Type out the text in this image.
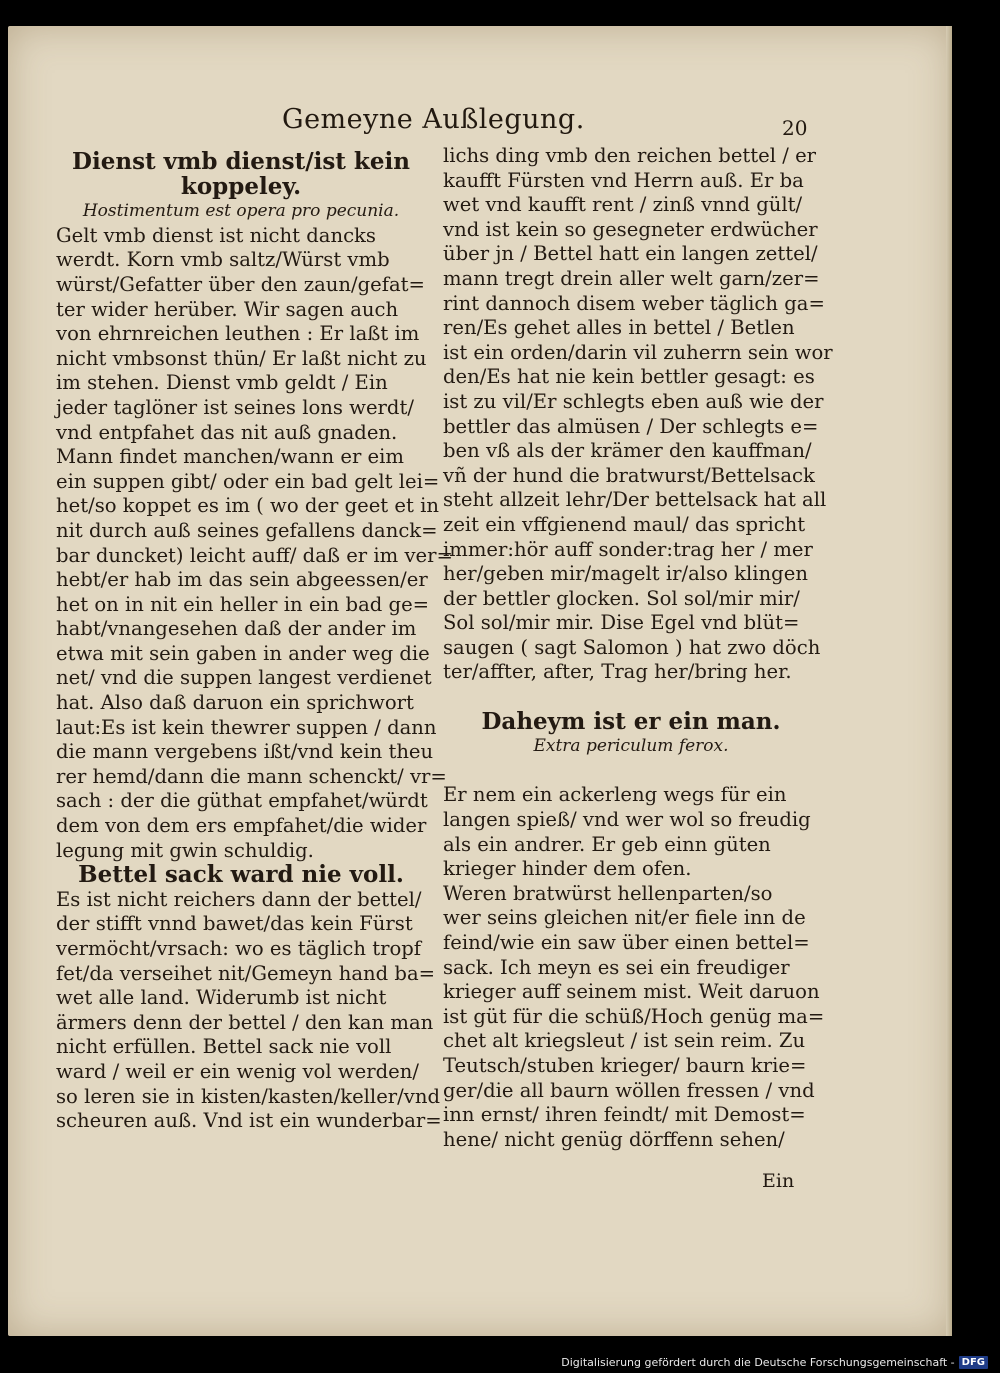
Gemeyne Außlegung.	20
Dienst vmb dienst/ist kein
koppeley.
Hostimentum est opera pro pecunia.
Gelt vmb dienst ist nicht dancks
werdt. Korn vmb saltz/Würst vmb
würst/Gefatter über den zaun/gefat=
ter wider herüber. Wir sagen auch
von ehrnreichen leuthen : Er laßt im
nicht vmbsonst thün/ Er laßt nicht zu
im stehen. Dienst vmb geldt / Ein
jeder taglöner ist seines lons werdt/
vnd entpfahet das nit auß gnaden.
Mann findet manchen/wann er eim
ein suppen gibt/ oder ein bad gelt lei=
het/so koppet es im ( wo der geet et in
nit durch auß seines gefallens danck=
bar duncket) leicht auff/ daß er im ver=
hebt/er hab im das sein abgeessen/er
het on in nit ein heller in ein bad ge=
habt/vnangesehen daß der ander im
etwa mit sein gaben in ander weg die
net/ vnd die suppen langest verdienet
hat. Also daß daruon ein sprichwort
laut:Es ist kein thewrer suppen / dann
die mann vergebens ißt/vnd kein theu
rer hemd/dann die mann schenckt/ vr=
sach : der die güthat empfahet/würdt
dem von dem ers empfahet/die wider
legung mit gwin schuldig.
Bettel sack ward nie voll.
Es ist nicht reichers dann der bettel/
der stifft vnnd bawet/das kein Fürst
vermöcht/vrsach: wo es täglich tropf
fet/da verseihet nit/Gemeyn hand ba=
wet alle land. Widerumb ist nicht
ärmers denn der bettel / den kan man
nicht erfüllen. Bettel sack nie voll
ward / weil er ein wenig vol werden/
so leren sie in kisten/kasten/keller/vnd
scheuren auß. Vnd ist ein wunderbar=
lichs ding vmb den reichen bettel / er
kaufft Fürsten vnd Herrn auß. Er ba
wet vnd kaufft rent / zinß vnnd gült/
vnd ist kein so gesegneter erdwücher
über jn / Bettel hatt ein langen zettel/
mann tregt drein aller welt garn/zer=
rint dannoch disem weber täglich ga=
ren/Es gehet alles in bettel / Betlen
ist ein orden/darin vil zuherrn sein wor
den/Es hat nie kein bettler gesagt: es
ist zu vil/Er schlegts eben auß wie der
bettler das almüsen / Der schlegts e=
ben vß als der krämer den kauffman/
vñ der hund die bratwurst/Bettelsack
steht allzeit lehr/Der bettelsack hat all
zeit ein vffgienend maul/ das spricht
immer:hör auff sonder:trag her / mer
her/geben mir/magelt ir/also klingen
der bettler glocken. Sol sol/mir mir/
Sol sol/mir mir. Dise Egel vnd blüt=
saugen ( sagt Salomon ) hat zwo döch
ter/affter, after, Trag her/bring her.
Daheym ist er ein man.
Extra periculum ferox.
Er nem ein ackerleng wegs für ein
langen spieß/ vnd wer wol so freudig
als ein andrer. Er geb einn güten
krieger hinder dem ofen.
Weren bratwürst hellenparten/so
wer seins gleichen nit/er fiele inn de
feind/wie ein saw über einen bettel=
sack. Ich meyn es sei ein freudiger
krieger auff seinem mist. Weit daruon
ist güt für die schüß/Hoch genüg ma=
chet alt kriegsleut / ist sein reim. Zu
Teutsch/stuben krieger/ baurn krie=
ger/die all baurn wöllen fressen / vnd
inn ernst/ ihren feindt/ mit Demost=
hene/ nicht genüg dörffenn sehen/
Ein
Digitalisierung gefördert durch die Deutsche Forschungsgemeinschaft - DFG
